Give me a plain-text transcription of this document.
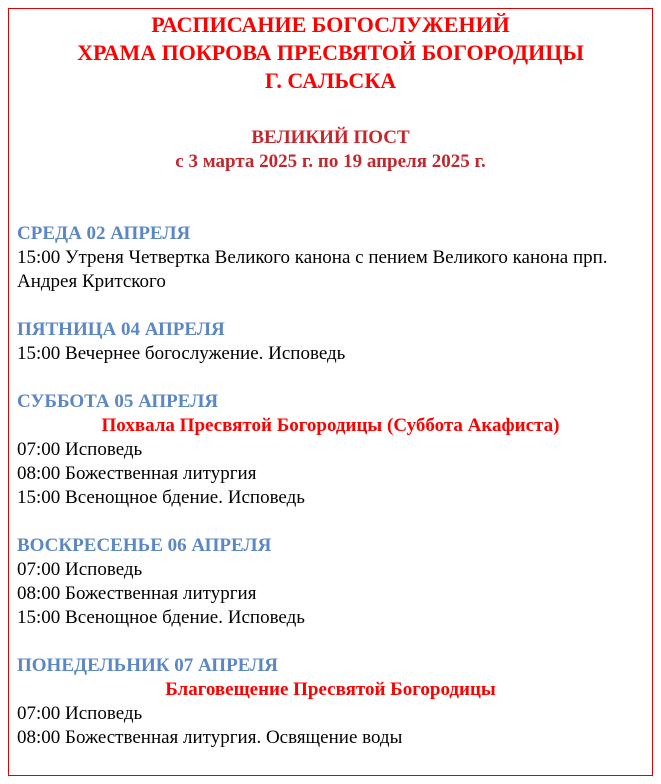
РАСПИСАНИЕ БОГОСЛУЖЕНИЙ
ХРАМА ПОКРОВА ПРЕСВЯТОЙ БОГОРОДИЦЫ
Г. САЛЬСКА
ВЕЛИКИЙ ПОСТ
с 3 марта 2025 г. по 19 апреля 2025 г.
СРЕДА 02 АПРЕЛЯ
15:00 Утреня Четвертка Великого канона с пением Великого канона прп. Андрея Критского
ПЯТНИЦА 04 АПРЕЛЯ
15:00 Вечернее богослужение. Исповедь
СУББОТА 05 АПРЕЛЯ
Похвала Пресвятой Богородицы (Суббота Акафиста)
07:00 Исповедь
08:00 Божественная литургия
15:00 Всенощное бдение. Исповедь
ВОСКРЕСЕНЬЕ 06 АПРЕЛЯ
07:00 Исповедь
08:00 Божественная литургия
15:00 Всенощное бдение. Исповедь
ПОНЕДЕЛЬНИК 07 АПРЕЛЯ
Благовещение Пресвятой Богородицы
07:00 Исповедь
08:00 Божественная литургия. Освящение воды
